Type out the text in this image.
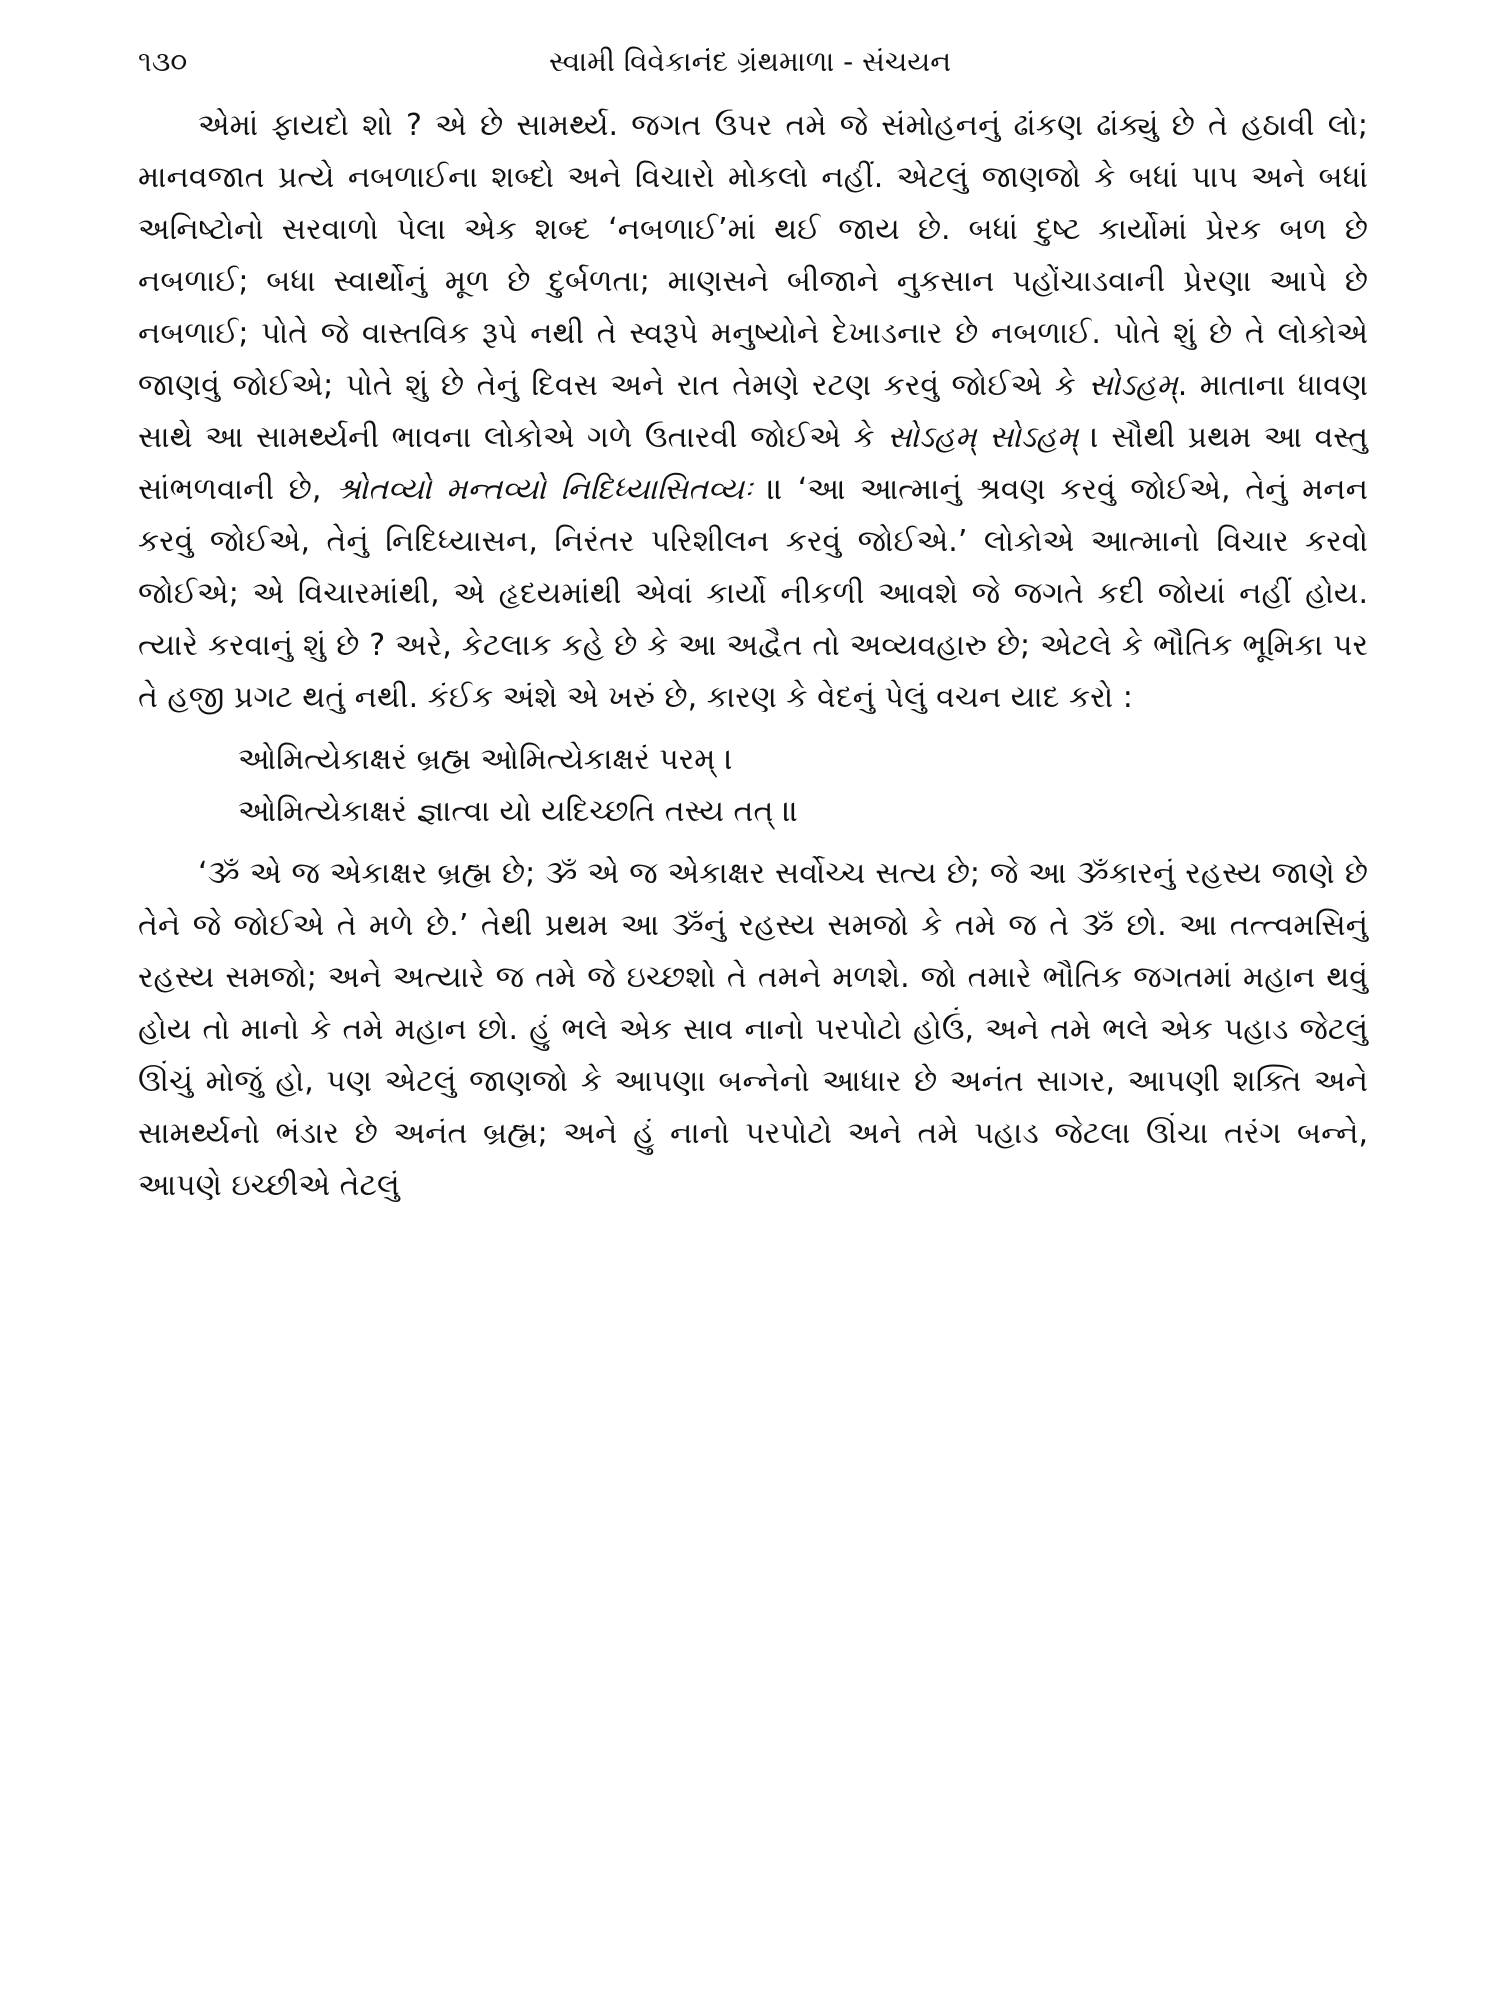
૧૩૦	સ્વામી વિવેકાનંદ ગ્રંથમાળા - સંચયન

એમાં ફાયદો શો ? એ છે સામર્થ્ય. જગત ઉપર તમે જે સંમોહનનું ઢાંકણ ઢાંક્યું છે તે હઠાવી લો; માનવજાત પ્રત્યે નબળાઈના શબ્દો અને વિચારો મોકલો નહીં. એટલું જાણજો કે બધાં પાપ અને બધાં અનિષ્ટોનો સરવાળો પેલા એક શબ્દ ‘નબળાઈ’માં થઈ જાય છે. બધાં દુષ્ટ કાર્યોમાં પ્રેરક બળ છે નબળાઈ; બધા સ્વાર્થોનું મૂળ છે દુર્બળતા; માણસને બીજાને નુકસાન પહોંચાડવાની પ્રેરણા આપે છે નબળાઈ; પોતે જે વાસ્તવિક રૂપે નથી તે સ્વરૂપે મનુષ્યોને દેખાડનાર છે નબળાઈ. પોતે શું છે તે લોકોએ જાણવું જોઈએ; પોતે શું છે તેનું દિવસ અને રાત તેમણે રટણ કરવું જોઈએ કે સોઽહમ્. માતાના ધાવણ સાથે આ સામર્થ્યની ભાવના લોકોએ ગળે ઉતારવી જોઈએ કે સોઽહમ્ સોઽહમ્ । સૌથી પ્રથમ આ વસ્તુ સાંભળવાની છે, શ્રોતવ્યો મન્તવ્યો નિદિધ્યાસિતવ્યઃ ॥ ‘આ આત્માનું શ્રવણ કરવું જોઈએ, તેનું મનન કરવું જોઈએ, તેનું નિદિધ્યાસન, નિરંતર પરિશીલન કરવું જોઈએ.’ લોકોએ આત્માનો વિચાર કરવો જોઈએ; એ વિચારમાંથી, એ હૃદયમાંથી એવાં કાર્યો નીકળી આવશે જે જગતે કદી જોયાં નહીં હોય. ત્યારે કરવાનું શું છે ? અરે, કેટલાક કહે છે કે આ અદ્વૈત તો અવ્યવહારુ છે; એટલે કે ભૌતિક ભૂમિકા પર તે હજી પ્રગટ થતું નથી. કંઈક અંશે એ ખરું છે, કારણ કે વેદનું પેલું વચન યાદ કરો :

ઓમિત્યેકાક્ષરં બ્રહ્મ ઓમિત્યેકાક્ષરં પરમ્ ।
ઓમિત્યેકાક્ષરં જ્ઞાત્વા યો યદિચ્છતિ તસ્ય તત્ ॥

‘ૐ એ જ એકાક્ષર બ્રહ્મ છે; ૐ એ જ એકાક્ષર સર્વોચ્ચ સત્ય છે; જે આ ૐકારનું રહસ્ય જાણે છે તેને જે જોઈએ તે મળે છે.’ તેથી પ્રથમ આ ૐનું રહસ્ય સમજો કે તમે જ તે ૐ છો. આ તત્ત્વમસિનું રહસ્ય સમજો; અને અત્યારે જ તમે જે ઇચ્છશો તે તમને મળશે. જો તમારે ભૌતિક જગતમાં મહાન થવું હોય તો માનો કે તમે મહાન છો. હું ભલે એક સાવ નાનો પરપોટો હોઉં, અને તમે ભલે એક પહાડ જેટલું ઊંચું મોજું હો, પણ એટલું જાણજો કે આપણા બન્નેનો આધાર છે અનંત સાગર, આપણી શક્તિ અને સામર્થ્યનો ભંડાર છે અનંત બ્રહ્મ; અને હું નાનો પરપોટો અને તમે પહાડ જેટલા ઊંચા તરંગ બન્ને, આપણે ઇચ્છીએ તેટલું
